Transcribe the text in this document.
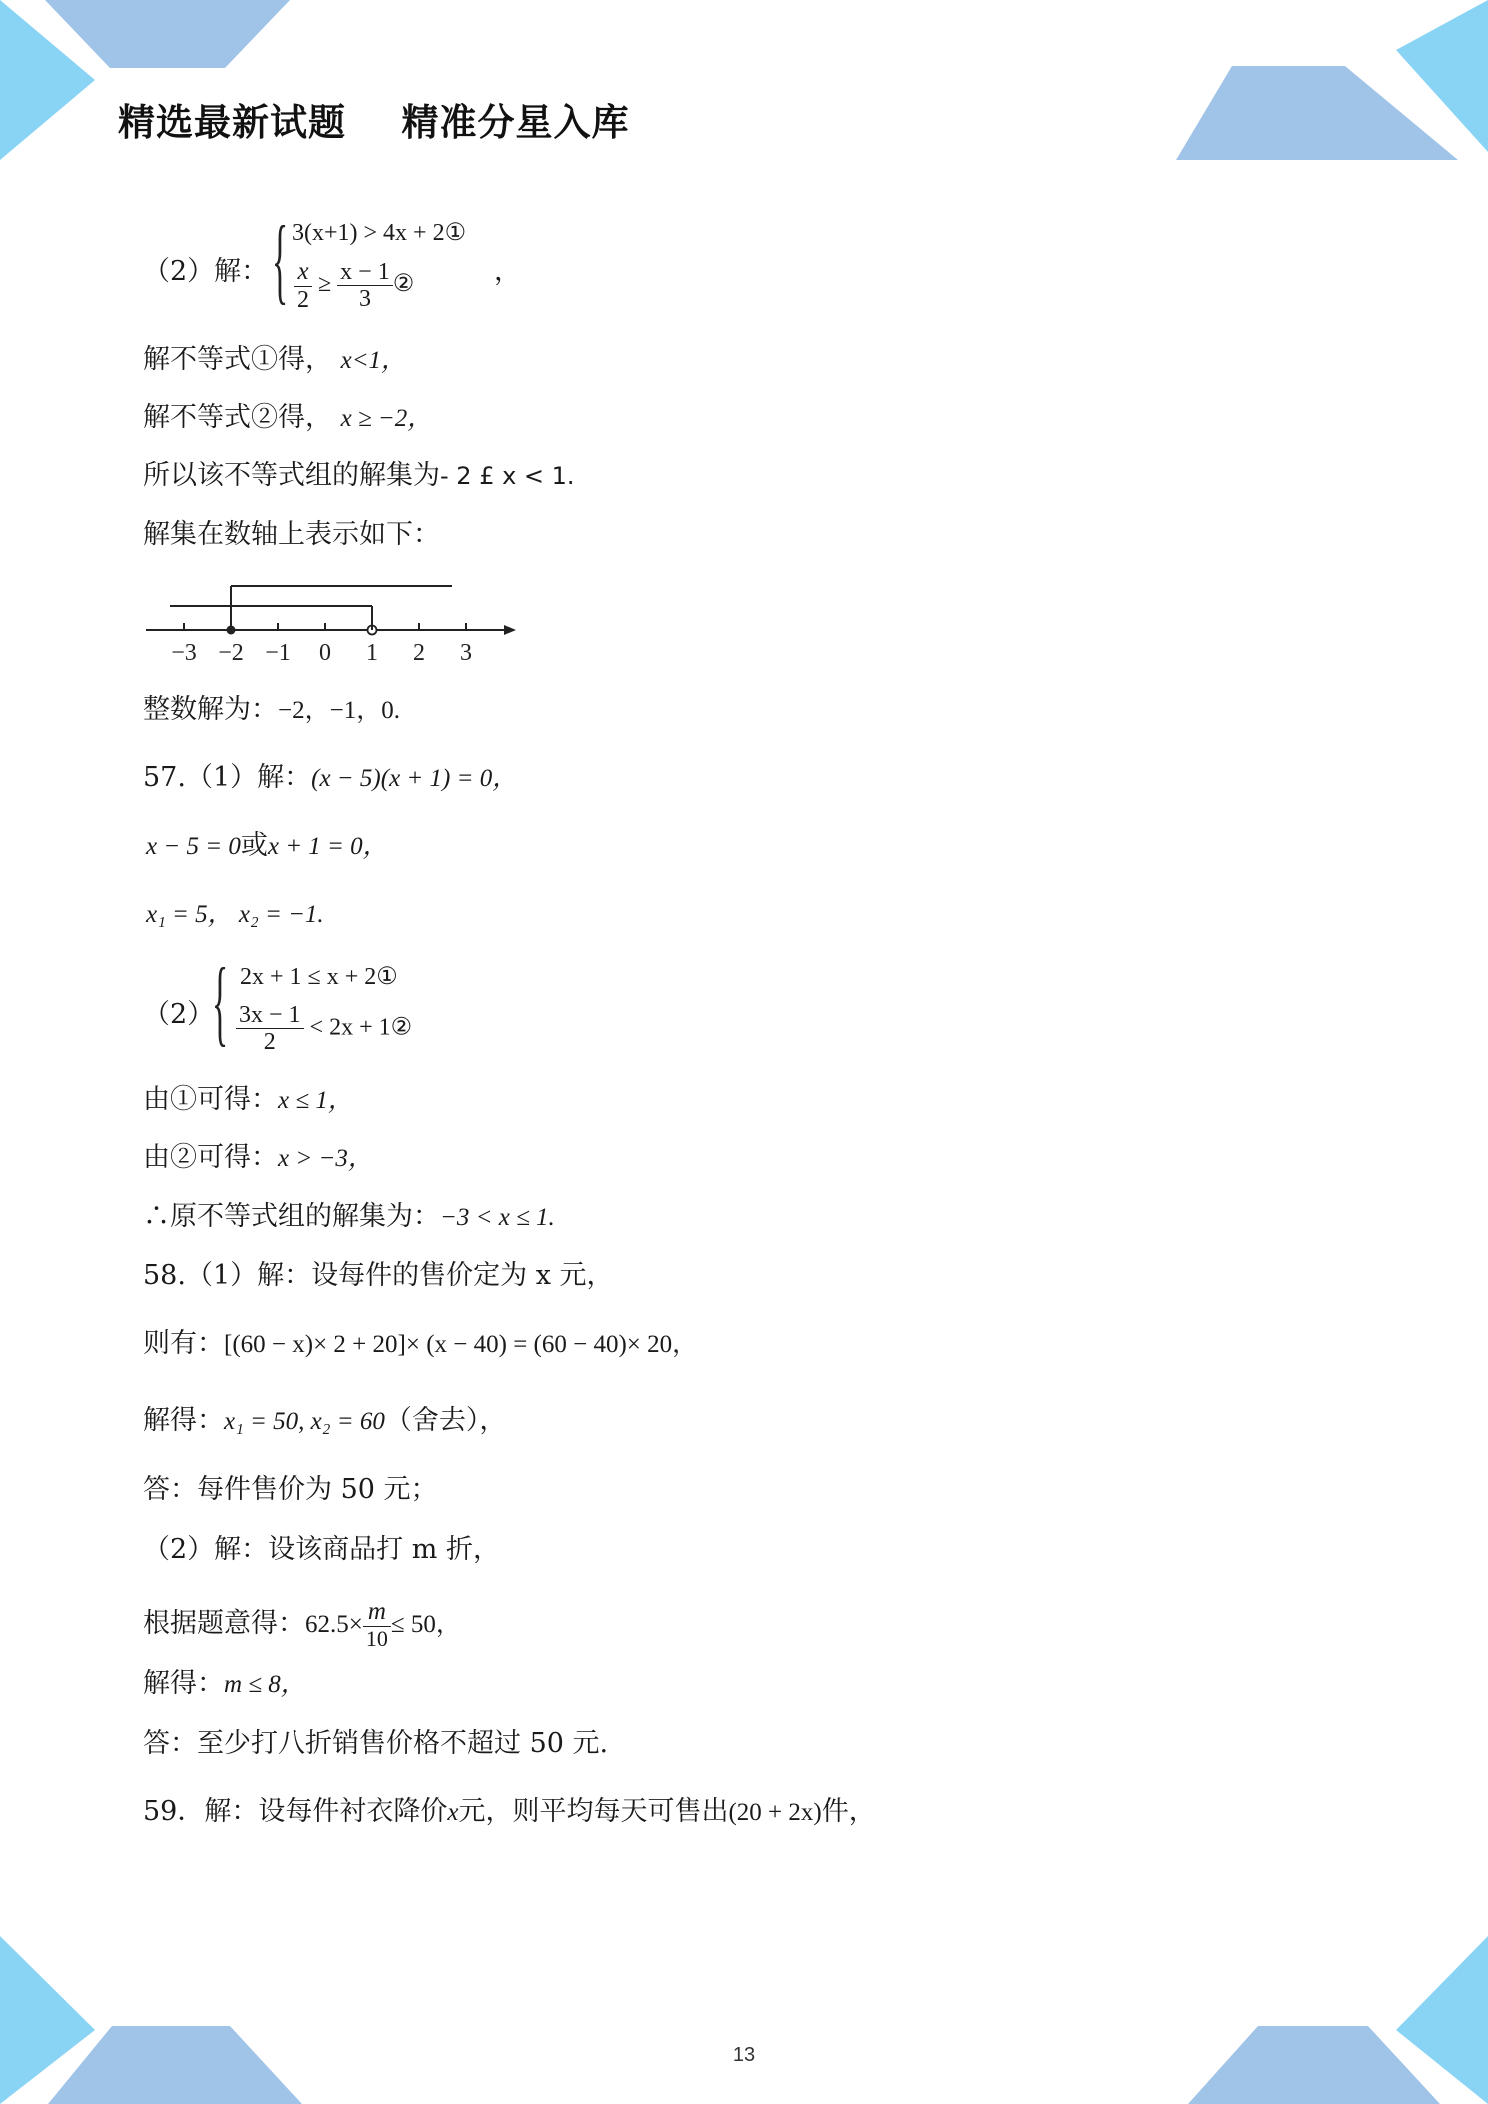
精选最新试题    精准分星入库
（2）解： { 3(x+1) > 4x + 2①
$\frac{x}{2} \ge \frac{x - 1}{3}$ ②	，
解不等式①得， x<1，
解不等式②得， x ≥ −2，
所以该不等式组的解集为- 2 £ x < 1.
解集在数轴上表示如下：
−3 −2 −1 0 1 2 3
整数解为：−2，−1，0.
57.（1）解：(x − 5)(x + 1) = 0，
x − 5 = 0或x + 1 = 0，
x₁ = 5， x₂ = −1.
（2）
{ 2x + 1 ≤ x + 2①
$\frac{3x - 1}{2} < 2x$ + 1②
由①可得：x ≤ 1，
由②可得：x > −3，
∴原不等式组的解集为：−3 < x ≤ 1.
58.（1）解：设每件的售价定为 x 元，
则有：[(60 − x)× 2 + 20]× (x − 40) = (60 − 40)× 20，
解得：x₁ = 50, x₂ = 60（舍去），
答：每件售价为 50 元；
（2）解：设该商品打 m 折，
根据题意得：$62.5\times \frac{m}{10} \le 50$，
解得：m ≤ 8，
答：至少打八折销售价格不超过 50 元.
59．解：设每件衬衣降价x元，则平均每天可售出(20 + 2x)件，
13
